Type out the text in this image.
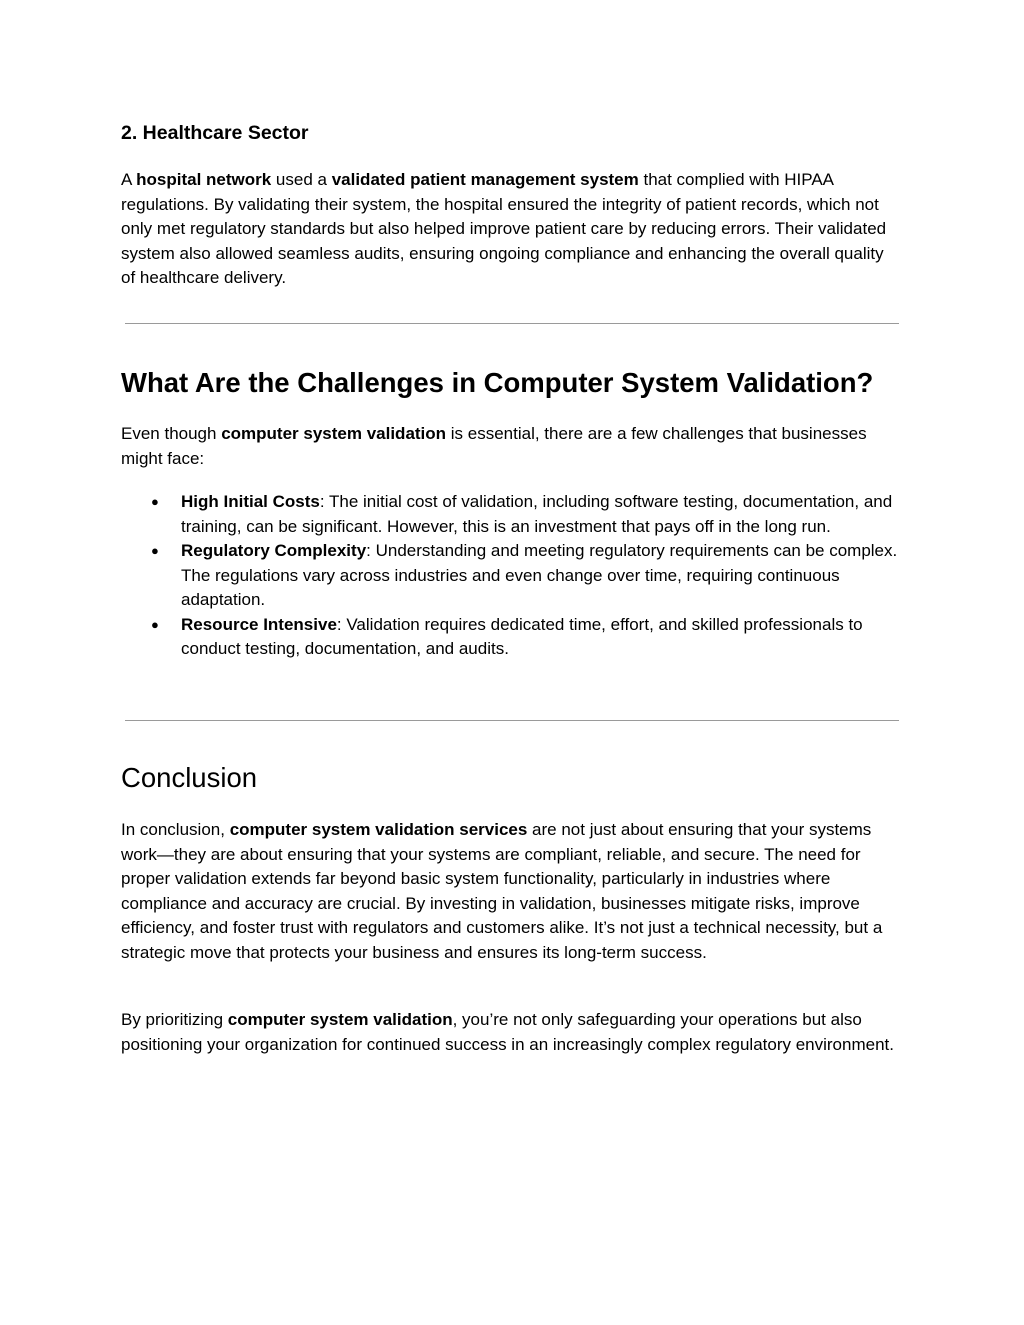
2. Healthcare Sector

A hospital network used a validated patient management system that complied with HIPAA regulations. By validating their system, the hospital ensured the integrity of patient records, which not only met regulatory standards but also helped improve patient care by reducing errors. Their validated system also allowed seamless audits, ensuring ongoing compliance and enhancing the overall quality of healthcare delivery.

What Are the Challenges in Computer System Validation?

Even though computer system validation is essential, there are a few challenges that businesses might face:

● High Initial Costs: The initial cost of validation, including software testing, documentation, and training, can be significant. However, this is an investment that pays off in the long run.
● Regulatory Complexity: Understanding and meeting regulatory requirements can be complex. The regulations vary across industries and even change over time, requiring continuous adaptation.
● Resource Intensive: Validation requires dedicated time, effort, and skilled professionals to conduct testing, documentation, and audits.
Conclusion

In conclusion, computer system validation services are not just about ensuring that your systems work—they are about ensuring that your systems are compliant, reliable, and secure. The need for proper validation extends far beyond basic system functionality, particularly in industries where compliance and accuracy are crucial. By investing in validation, businesses mitigate risks, improve efficiency, and foster trust with regulators and customers alike. It’s not just a technical necessity, but a strategic move that protects your business and ensures its long-term success.

By prioritizing computer system validation, you’re not only safeguarding your operations but also positioning your organization for continued success in an increasingly complex regulatory environment.
